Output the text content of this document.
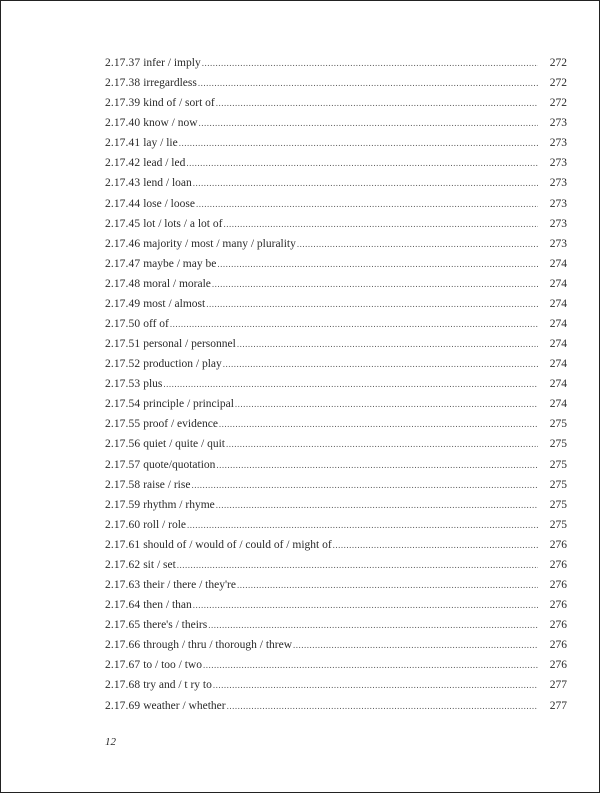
2.17.37 infer / imply .....	272
2.17.38 irregardless .....	272
2.17.39 kind of / sort of .....	272
2.17.40 know / now .....	273
2.17.41 lay / lie .....	273
2.17.42 lead / led .....	273
2.17.43 lend / loan .....	273
2.17.44 lose / loose .....	273
2.17.45 lot / lots / a lot of .....	273
2.17.46 majority / most / many / plurality .....	273
2.17.47 maybe / may be .....	274
2.17.48 moral / morale .....	274
2.17.49 most / almost .....	274
2.17.50 off of .....	274
2.17.51 personal / personnel .....	274
2.17.52 production / play .....	274
2.17.53 plus .....	274
2.17.54 principle / principal .....	274
2.17.55 proof / evidence .....	275
2.17.56 quiet / quite / quit .....	275
2.17.57 quote/quotation .....	275
2.17.58 raise / rise .....	275
2.17.59 rhythm / rhyme .....	275
2.17.60 roll / role .....	275
2.17.61 should of / would of / could of / might of .....	276
2.17.62 sit / set .....	276
2.17.63 their / there / they're .....	276
2.17.64 then / than .....	276
2.17.65 there's / theirs .....	276
2.17.66 through / thru / thorough / threw .....	276
2.17.67 to / too / two .....	276
2.17.68 try and / t ry to .....	277
2.17.69 weather / whether .....	277
12
